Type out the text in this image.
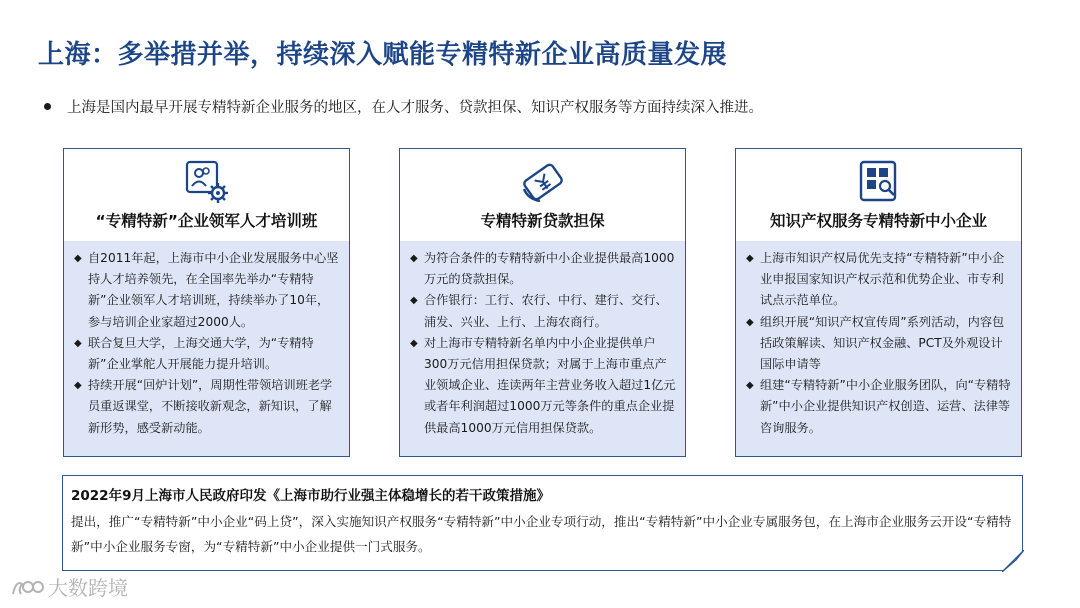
上海：多举措并举，持续深入赋能专精特新企业高质量发展
上海是国内最早开展专精特新企业服务的地区，在人才服务、贷款担保、知识产权服务等方面持续深入推进。
“专精特新”企业领军人才培训班
◆ 自2011年起，上海市中小企业发展服务中心坚持人才培养领先，在全国率先举办“专精特新”企业领军人才培训班，持续举办了10年，参与培训企业家超过2000人。
◆ 联合复旦大学，上海交通大学，为“专精特新”企业掌舵人开展能力提升培训。
◆ 持续开展“回炉计划”，周期性带领培训班老学员重返课堂，不断接收新观念，新知识，了解新形势，感受新动能。
专精特新贷款担保
◆ 为符合条件的专精特新中小企业提供最高1000万元的贷款担保。
◆ 合作银行：工行、农行、中行、建行、交行、浦发、兴业、上行、上海农商行。
◆ 对上海市专精特新名单内中小企业提供单户300万元信用担保贷款；对属于上海市重点产业领域企业、连读两年主营业务收入超过1亿元或者年利润超过1000万元等条件的重点企业提供最高1000万元信用担保贷款。
知识产权服务专精特新中小企业
◆ 上海市知识产权局优先支持“专精特新”中小企业申报国家知识产权示范和优势企业、市专利试点示范单位。
◆ 组织开展“知识产权宣传周”系列活动，内容包括政策解读、知识产权金融、PCT及外观设计国际申请等
◆ 组建“专精特新”中小企业服务团队，向“专精特新”中小企业提供知识产权创造、运营、法律等咨询服务。
2022年9月上海市人民政府印发《上海市助行业强主体稳增长的若干政策措施》
提出，推广“专精特新”中小企业“码上贷”，深入实施知识产权服务“专精特新”中小企业专项行动，推出“专精特新”中小企业专属服务包，在上海市企业服务云开设“专精特新”中小企业服务专窗，为“专精特新”中小企业提供一门式服务。
大数跨境
